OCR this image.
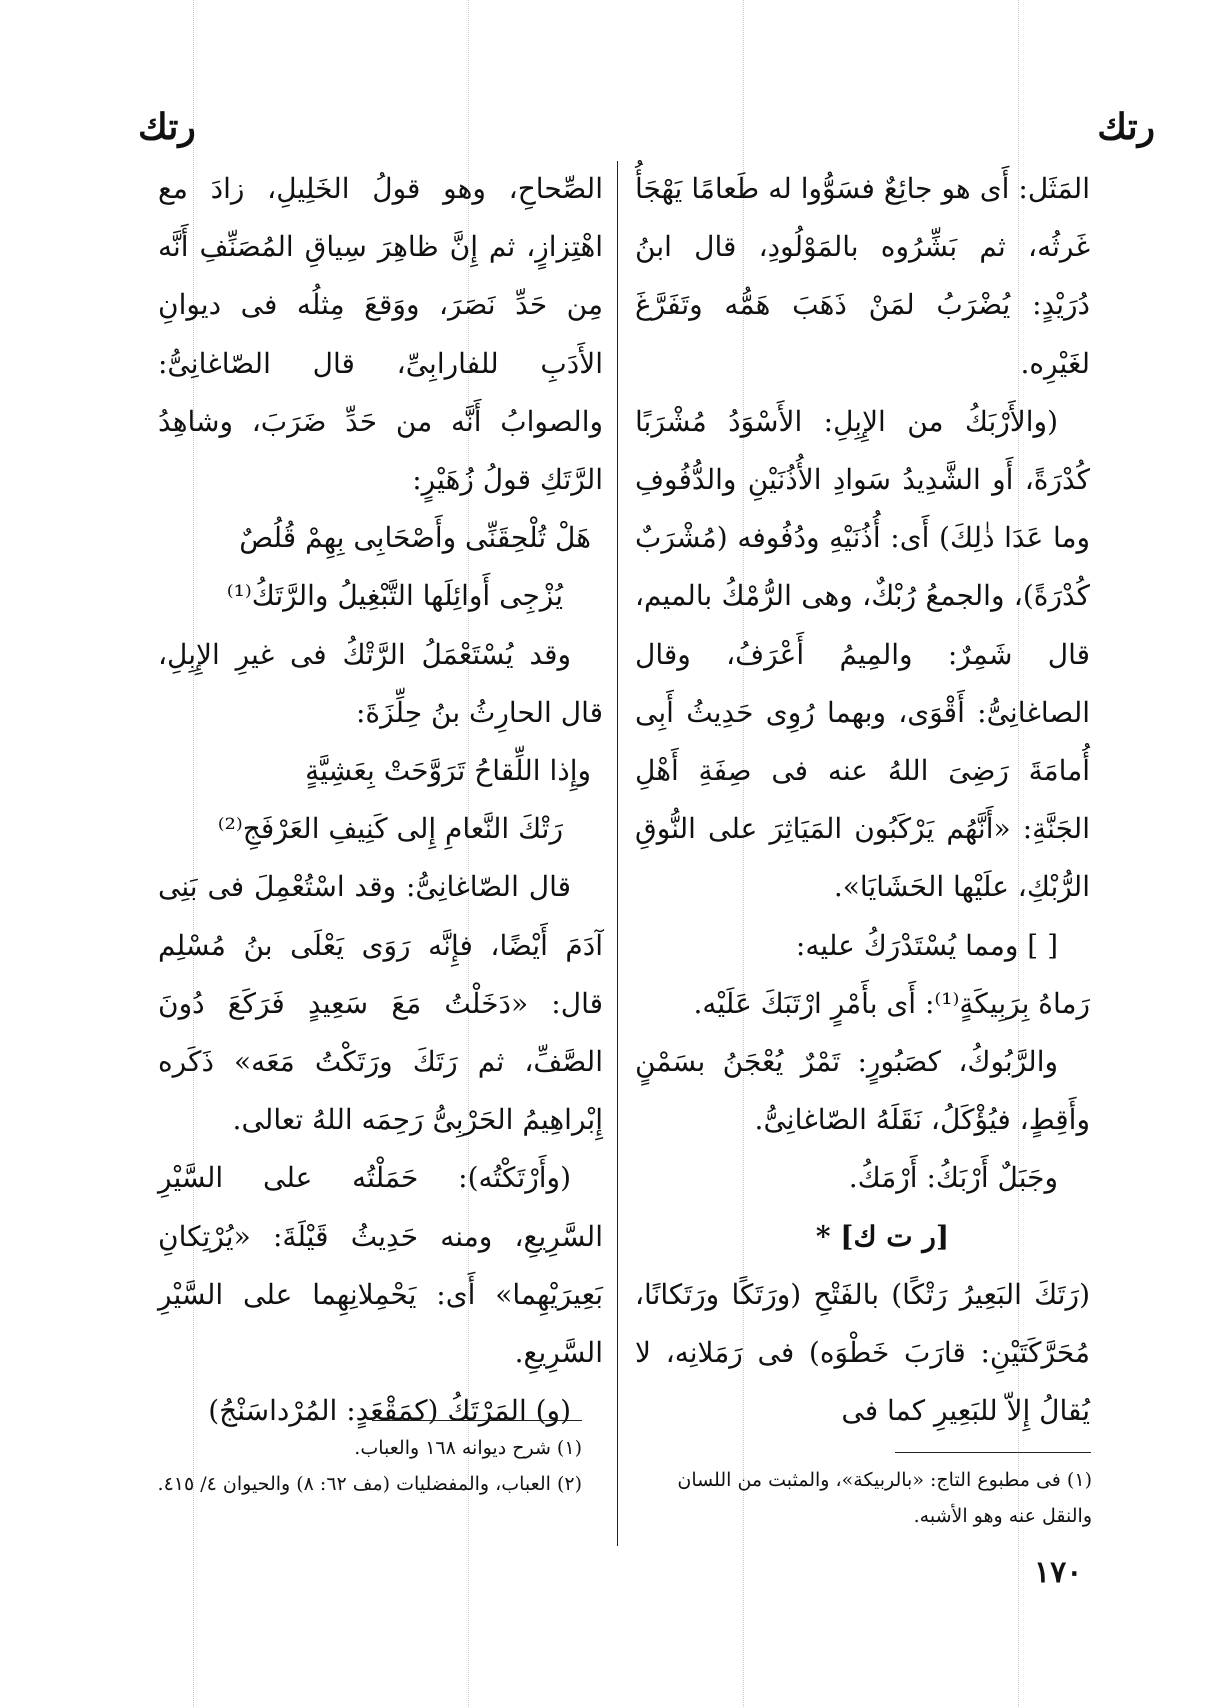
رتك
رتك

المَثَل: أَى هو جائِعٌ فسَوُّوا له طَعامًا يَهْجَأُ غَرثُه، ثم بَشِّرُوه بالمَوْلُودِ، قال ابنُ دُرَيْدٍ: يُضْرَبُ لمَنْ ذَهَبَ هَمُّه وتَفَرَّغَ لغَيْرِه.

(والأَرْبَكُ من الإِبِلِ: الأَسْوَدُ مُشْرَبًا كُدْرَةً، أَو الشَّدِيدُ سَوادِ الأُذُنَيْنِ والدُّفُوفِ وما عَدَا ذٰلِكَ) أَى: أُذُنَيْهِ ودُفُوفه (مُشْرَبٌ كُدْرَةً)، والجمعُ رُبْكٌ، وهى الرُّمْكُ بالميم، قال شَمِرٌ: والمِيمُ أَعْرَفُ، وقال الصاغانِىُّ: أَقْوَى، وبهما رُوِى حَدِيثُ أَبِى أُمامَةَ رَضِىَ اللهُ عنه فى صِفَةِ أَهْلِ الجَنَّةِ: «أَنَّهُم يَرْكَبُون المَيَاثِرَ على النُّوقِ الرُّبْكِ، علَيْها الحَشَايَا».

[ ] ومما يُسْتَدْرَكُ عليه:

رَماهُ بِرَبِيكَةٍ⁽¹⁾: أَى بأَمْرٍ ارْتَبَكَ عَلَيْه.

والرَّبُوكُ، كصَبُورٍ: تَمْرٌ يُعْجَنُ بسَمْنٍ وأَقِطٍ، فيُؤْكَلُ، نَقَلَهُ الصّاغانِىُّ.

وجَبَلٌ أَرْبَكُ: أَرْمَكُ.

[ر ت ك] *

(رَتَكَ البَعِيرُ رَتْكًا) بالفَتْحِ (ورَتَكًا ورَتَكانًا، مُحَرَّكَتَيْنِ: قارَبَ خَطْوَه) فى رَمَلانِه، لا يُقالُ إِلاّ للبَعِيرِ كما فى

الصِّحاحِ، وهو قولُ الخَلِيلِ، زادَ مع اهْتِزازٍ، ثم إِنَّ ظاهِرَ سِياقِ المُصَنِّفِ أَنَّه مِن حَدِّ نَصَرَ، ووَقعَ مِثلُه فى ديوانِ الأَدَبِ للفارابِىِّ، قال الصّاغانِىُّ: والصوابُ أَنَّه من حَدِّ ضَرَبَ، وشاهِدُ الرَّتَكِ قولُ زُهَيْرٍ:

هَلْ تُلْحِقَنِّى وأَصْحَابِى بِهِمْ قُلُصٌ

يُزْجِى أَوائِلَها التَّبْغِيلُ والرَّتَكُ⁽¹⁾

وقد يُسْتَعْمَلُ الرَّتْكُ فى غيرِ الإِبِلِ، قال الحارِثُ بنُ حِلِّزَةَ:

وإِذا اللِّقاحُ تَرَوَّحَتْ بِعَشِيَّةٍ

رَتْكَ النَّعامِ إِلى كَنِيفِ العَرْفَجِ⁽²⁾

قال الصّاغانِىُّ: وقد اسْتُعْمِلَ فى بَنِى آدَمَ أَيْضًا، فإِنَّه رَوَى يَعْلَى بنُ مُسْلِم قال: «دَخَلْتُ مَعَ سَعِيدٍ فَرَكَعَ دُونَ الصَّفِّ، ثم رَتَكَ ورَتَكْتُ مَعَه» ذَكَره إِبْراهِيمُ الحَرْبِىُّ رَحِمَه اللهُ تعالى.

(وأَرْتَكْتُه): حَمَلْتُه على السَّيْرِ السَّرِيعِ، ومنه حَدِيثُ قَيْلَةَ: «يُرْتِكانِ بَعِيرَيْهِما» أَى: يَحْمِلانِهِما على السَّيْرِ السَّرِيعِ.

(و) المَرْتَكُ (كمَقْعَدٍ: المُرْداسَنْجُ)

(١) فى مطبوع التاج: «بالربيكة»، والمثبت من اللسان والنقل عنه وهو الأشبه.

(١) شرح ديوانه ١٦٨ والعباب.

(٢) العباب، والمفضليات (مف ٦٢: ٨) والحيوان ٤/ ٤١٥.

١٧٠
